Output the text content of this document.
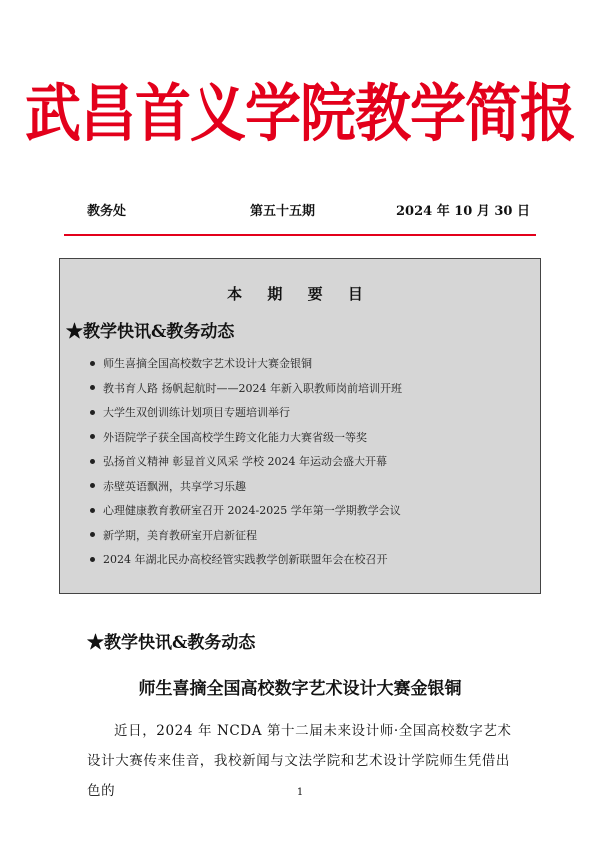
武昌首义学院教学简报
教务处	第五十五期	2024 年 10 月 30 日
本 期 要 目
★教学快讯&教务动态
师生喜摘全国高校数字艺术设计大赛金银铜
教书育人路 扬帆起航时——2024 年新入职教师岗前培训开班
大学生双创训练计划项目专题培训举行
外语院学子获全国高校学生跨文化能力大赛省级一等奖
弘扬首义精神 彰显首义风采 学校 2024 年运动会盛大开幕
赤壁英语飘洲，共享学习乐趣
心理健康教育教研室召开 2024-2025 学年第一学期教学会议
新学期，美育教研室开启新征程
2024 年湖北民办高校经管实践教学创新联盟年会在校召开
★教学快讯&教务动态
师生喜摘全国高校数字艺术设计大赛金银铜

近日，2024 年 NCDA 第十二届未来设计师·全国高校数字艺术设计大赛传来佳音，我校新闻与文法学院和艺术设计学院师生凭借出色的	1
